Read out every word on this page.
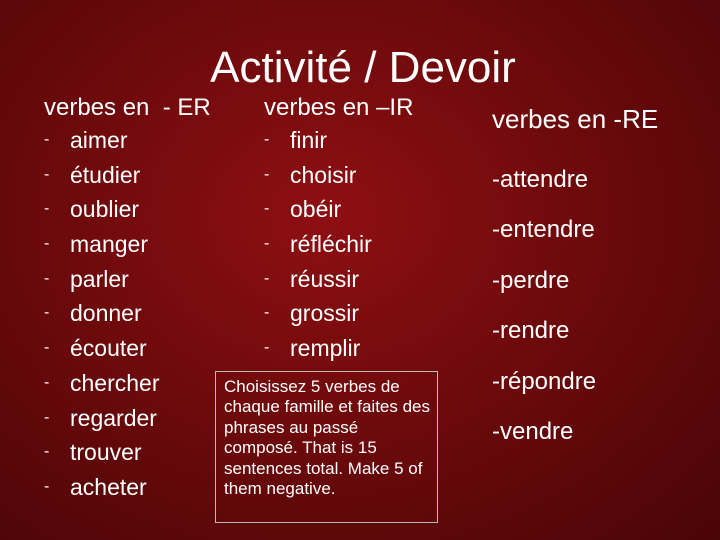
Activité / Devoir
verbes en  - ER
- aimer
- étudier
- oublier
- manger
- parler
- donner
- écouter
- chercher
- regarder
- trouver
- acheter
verbes en –IR
- finir
- choisir
- obéir
- réfléchir
- réussir
- grossir
- remplir
verbes en -RE
-attendre
-entendre
-perdre
-rendre
-répondre
-vendre
Choisissez 5 verbes de chaque famille et faites des phrases au passé composé. That is 15 sentences total. Make 5 of them negative.
